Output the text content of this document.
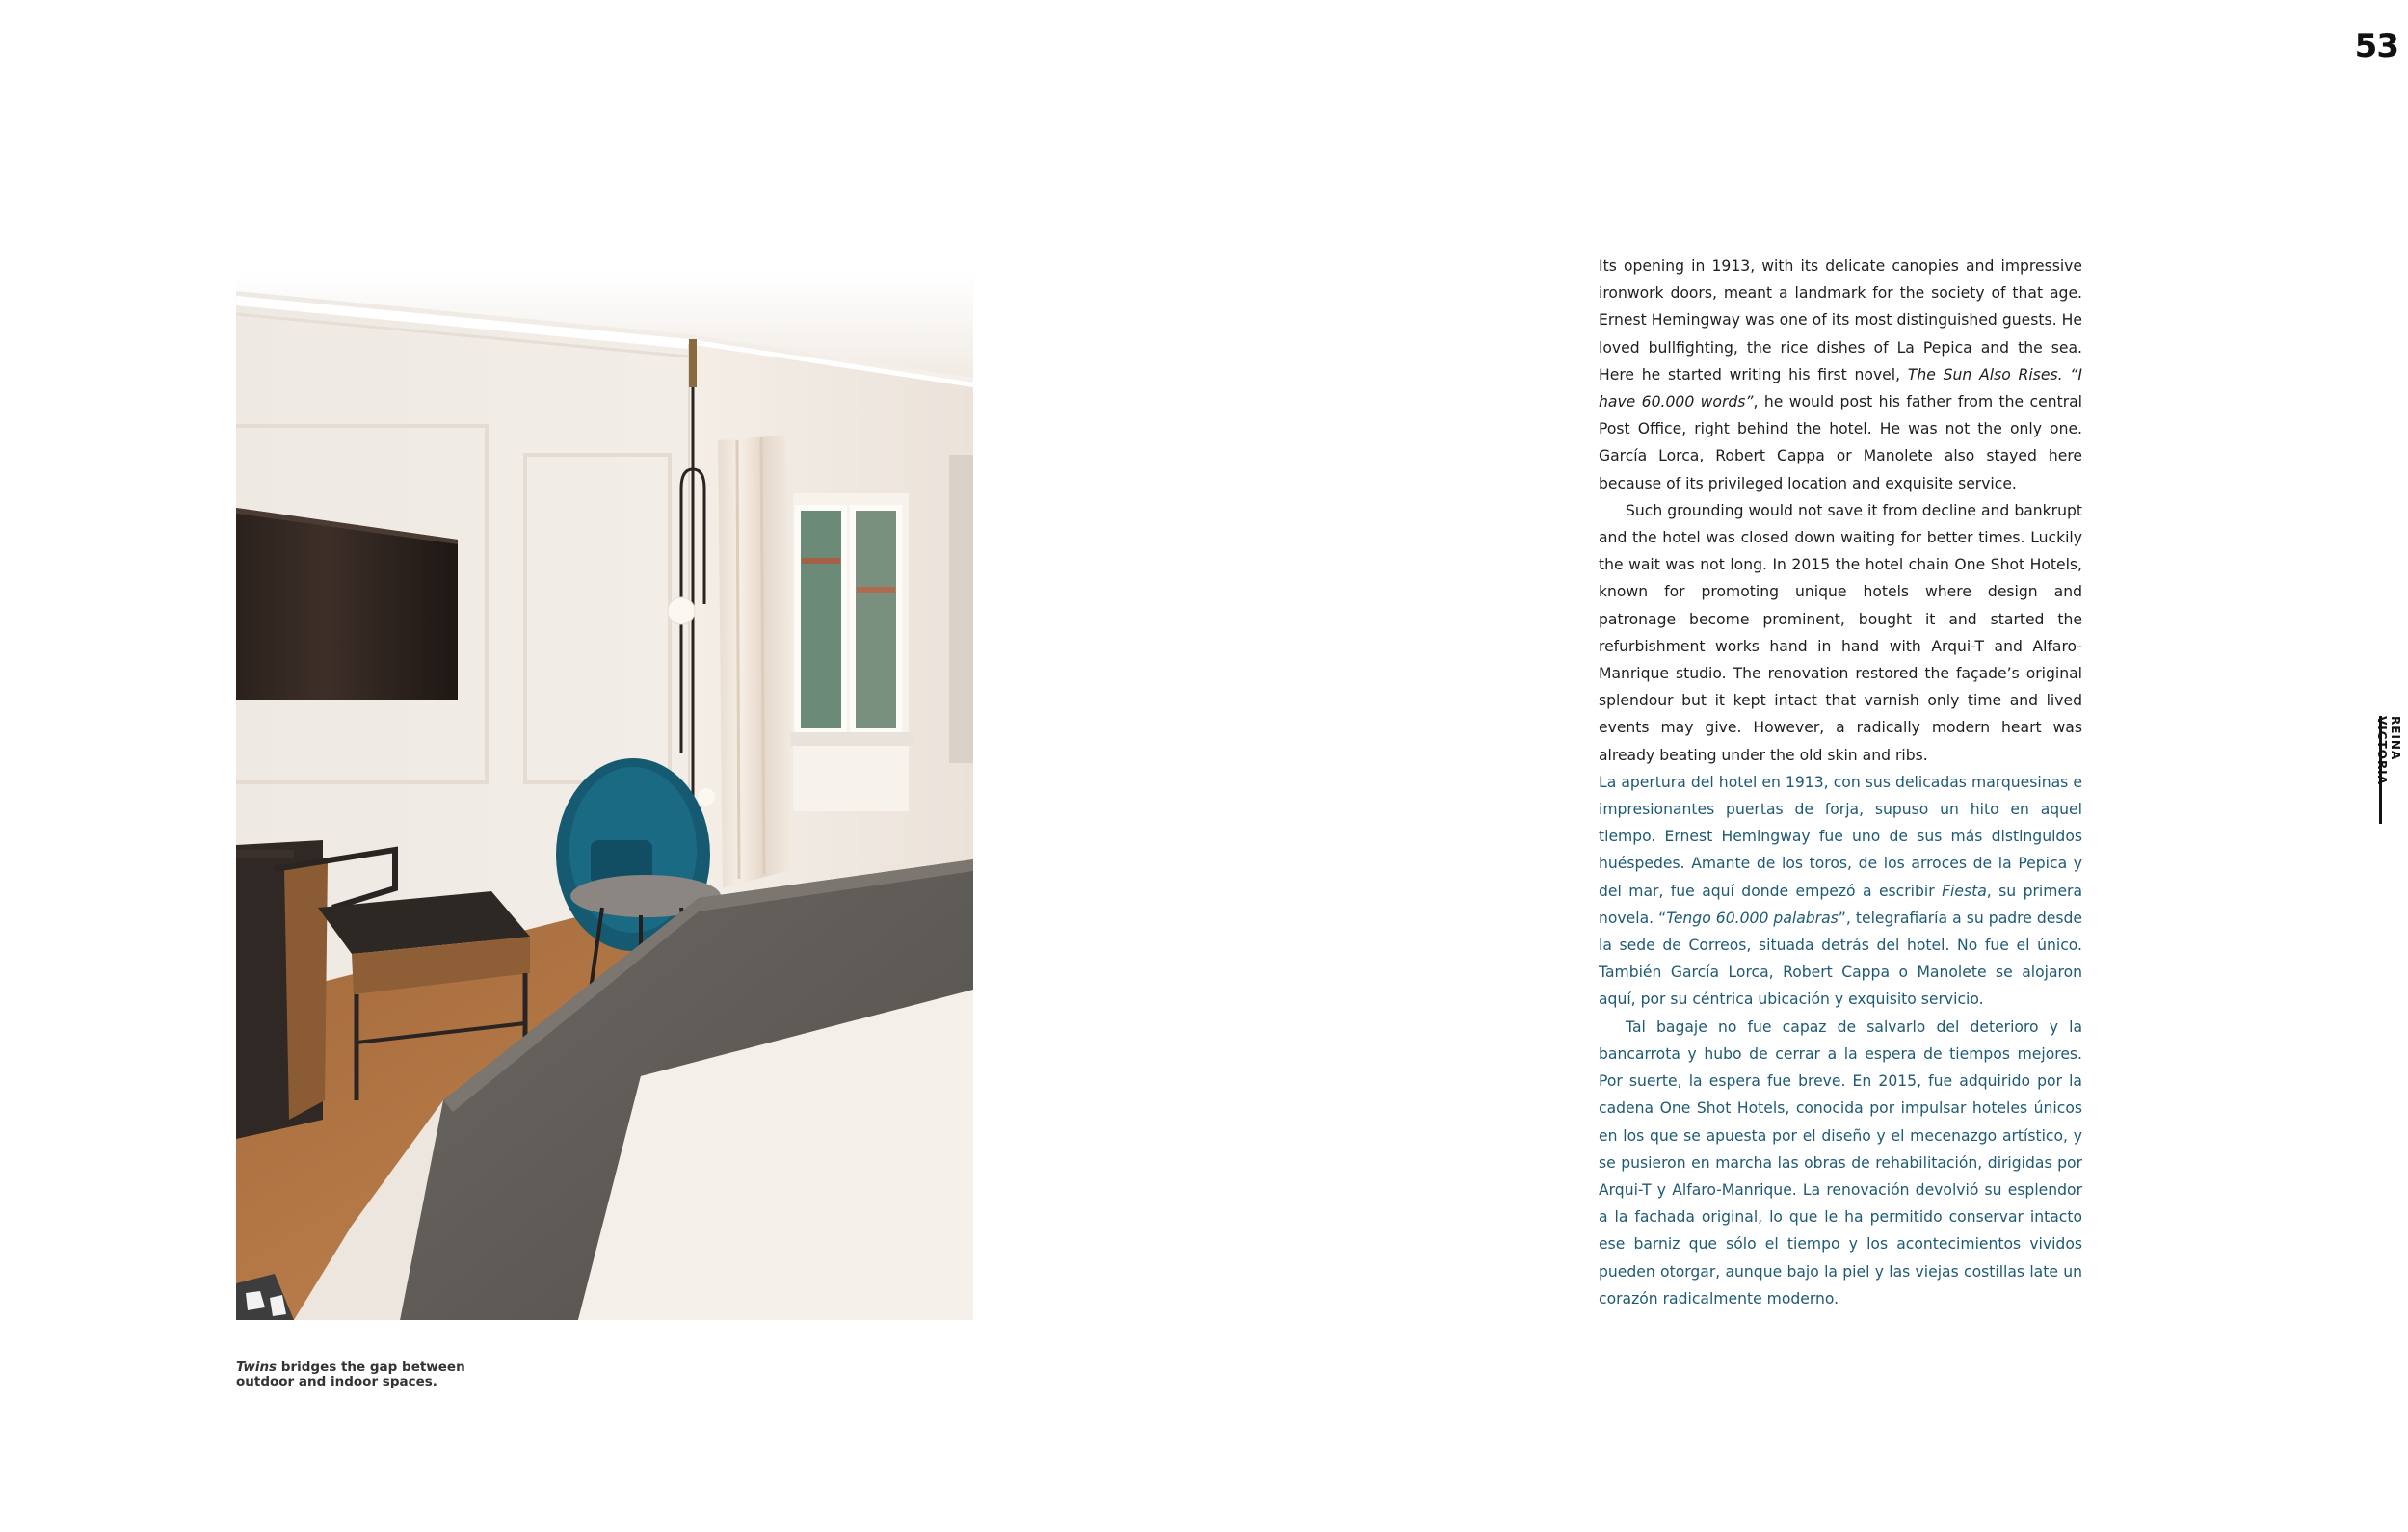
53
Twins bridges the gap between outdoor and indoor spaces.

Its opening in 1913, with its delicate canopies and impressive ironwork doors, meant a landmark for the society of that age. Ernest Hemingway was one of its most distinguished guests. He loved bullfighting, the rice dishes of La Pepica and the sea. Here he started writing his first novel, The Sun Also Rises. “I have 60.000 words”, he would post his father from the central Post Office, right behind the hotel. He was not the only one. García Lorca, Robert Cappa or Manolete also stayed here because of its privileged location and exquisite service.

Such grounding would not save it from decline and bankrupt and the hotel was closed down waiting for better times. Luckily the wait was not long. In 2015 the hotel chain One Shot Hotels, known for promoting unique hotels where design and patronage become prominent, bought it and started the refurbishment works hand in hand with Arqui-T and Alfaro-Manrique studio. The renovation restored the façade’s original splendour but it kept intact that varnish only time and lived events may give. However, a radically modern heart was already beating under the old skin and ribs.

La apertura del hotel en 1913, con sus delicadas marquesinas e impresionantes puertas de forja, supuso un hito en aquel tiempo. Ernest Hemingway fue uno de sus más distinguidos huéspedes. Amante de los toros, de los arroces de la Pepica y del mar, fue aquí donde empezó a escribir Fiesta, su primera novela. “Tengo 60.000 palabras”, telegrafiaría a su padre desde la sede de Correos, situada detrás del hotel. No fue el único. También García Lorca, Robert Cappa o Manolete se alojaron aquí, por su céntrica ubicación y exquisito servicio.

Tal bagaje no fue capaz de salvarlo del deterioro y la bancarrota y hubo de cerrar a la espera de tiempos mejores. Por suerte, la espera fue breve. En 2015, fue adquirido por la cadena One Shot Hotels, conocida por impulsar hoteles únicos en los que se apuesta por el diseño y el mecenazgo artístico, y se pusieron en marcha las obras de rehabilitación, dirigidas por Arqui-T y Alfaro-Manrique. La renovación devolvió su esplendor a la fachada original, lo que le ha permitido conservar intacto ese barniz que sólo el tiempo y los acontecimientos vividos pueden otorgar, aunque bajo la piel y las viejas costillas late un corazón radicalmente moderno.

REINA VICTORIA
